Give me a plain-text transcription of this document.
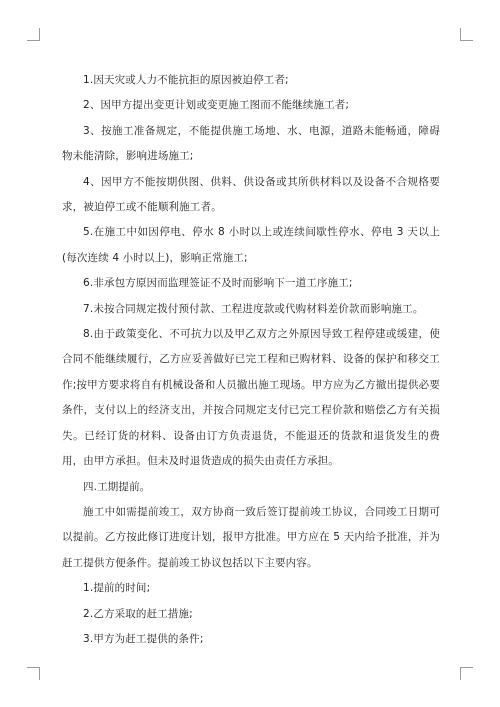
1.因天灾或人力不能抗拒的原因被迫停工者;

2、因甲方提出变更计划或变更施工图而不能继续施工者;

3、按施工准备规定，不能提供施工场地、水、电源，道路未能畅通，障碍物未能清除，影响进场施工;

4、因甲方不能按期供图、供料、供设备或其所供材料以及设备不合规格要求，被迫停工或不能顺利施工者。

5.在施工中如因停电、停水 8 小时以上或连续间歇性停水、停电 3 天以上(每次连续 4 小时以上)，影响正常施工;

6.非承包方原因而监理签证不及时而影响下一道工序施工;

7.未按合同规定拨付预付款、工程进度款或代购材料差价款而影响施工。

8.由于政策变化、不可抗力以及甲乙双方之外原因导致工程停建或缓建，使合同不能继续履行，乙方应妥善做好已完工程和已购材料、设备的保护和移交工作;按甲方要求将自有机械设备和人员撤出施工现场。甲方应为乙方撤出提供必要条件，支付以上的经济支出，并按合同规定支付已完工程价款和赔偿乙方有关损失。已经订货的材料、设备由订方负责退货，不能退还的货款和退货发生的费用，由甲方承担。但未及时退货造成的损失由责任方承担。

四.工期提前。

施工中如需提前竣工，双方协商一致后签订提前竣工协议，合同竣工日期可以提前。乙方按此修订进度计划，报甲方批准。甲方应在 5 天内给予批准，并为赶工提供方便条件。提前竣工协议包括以下主要内容。

1.提前的时间;

2.乙方采取的赶工措施;

3.甲方为赶工提供的条件;
